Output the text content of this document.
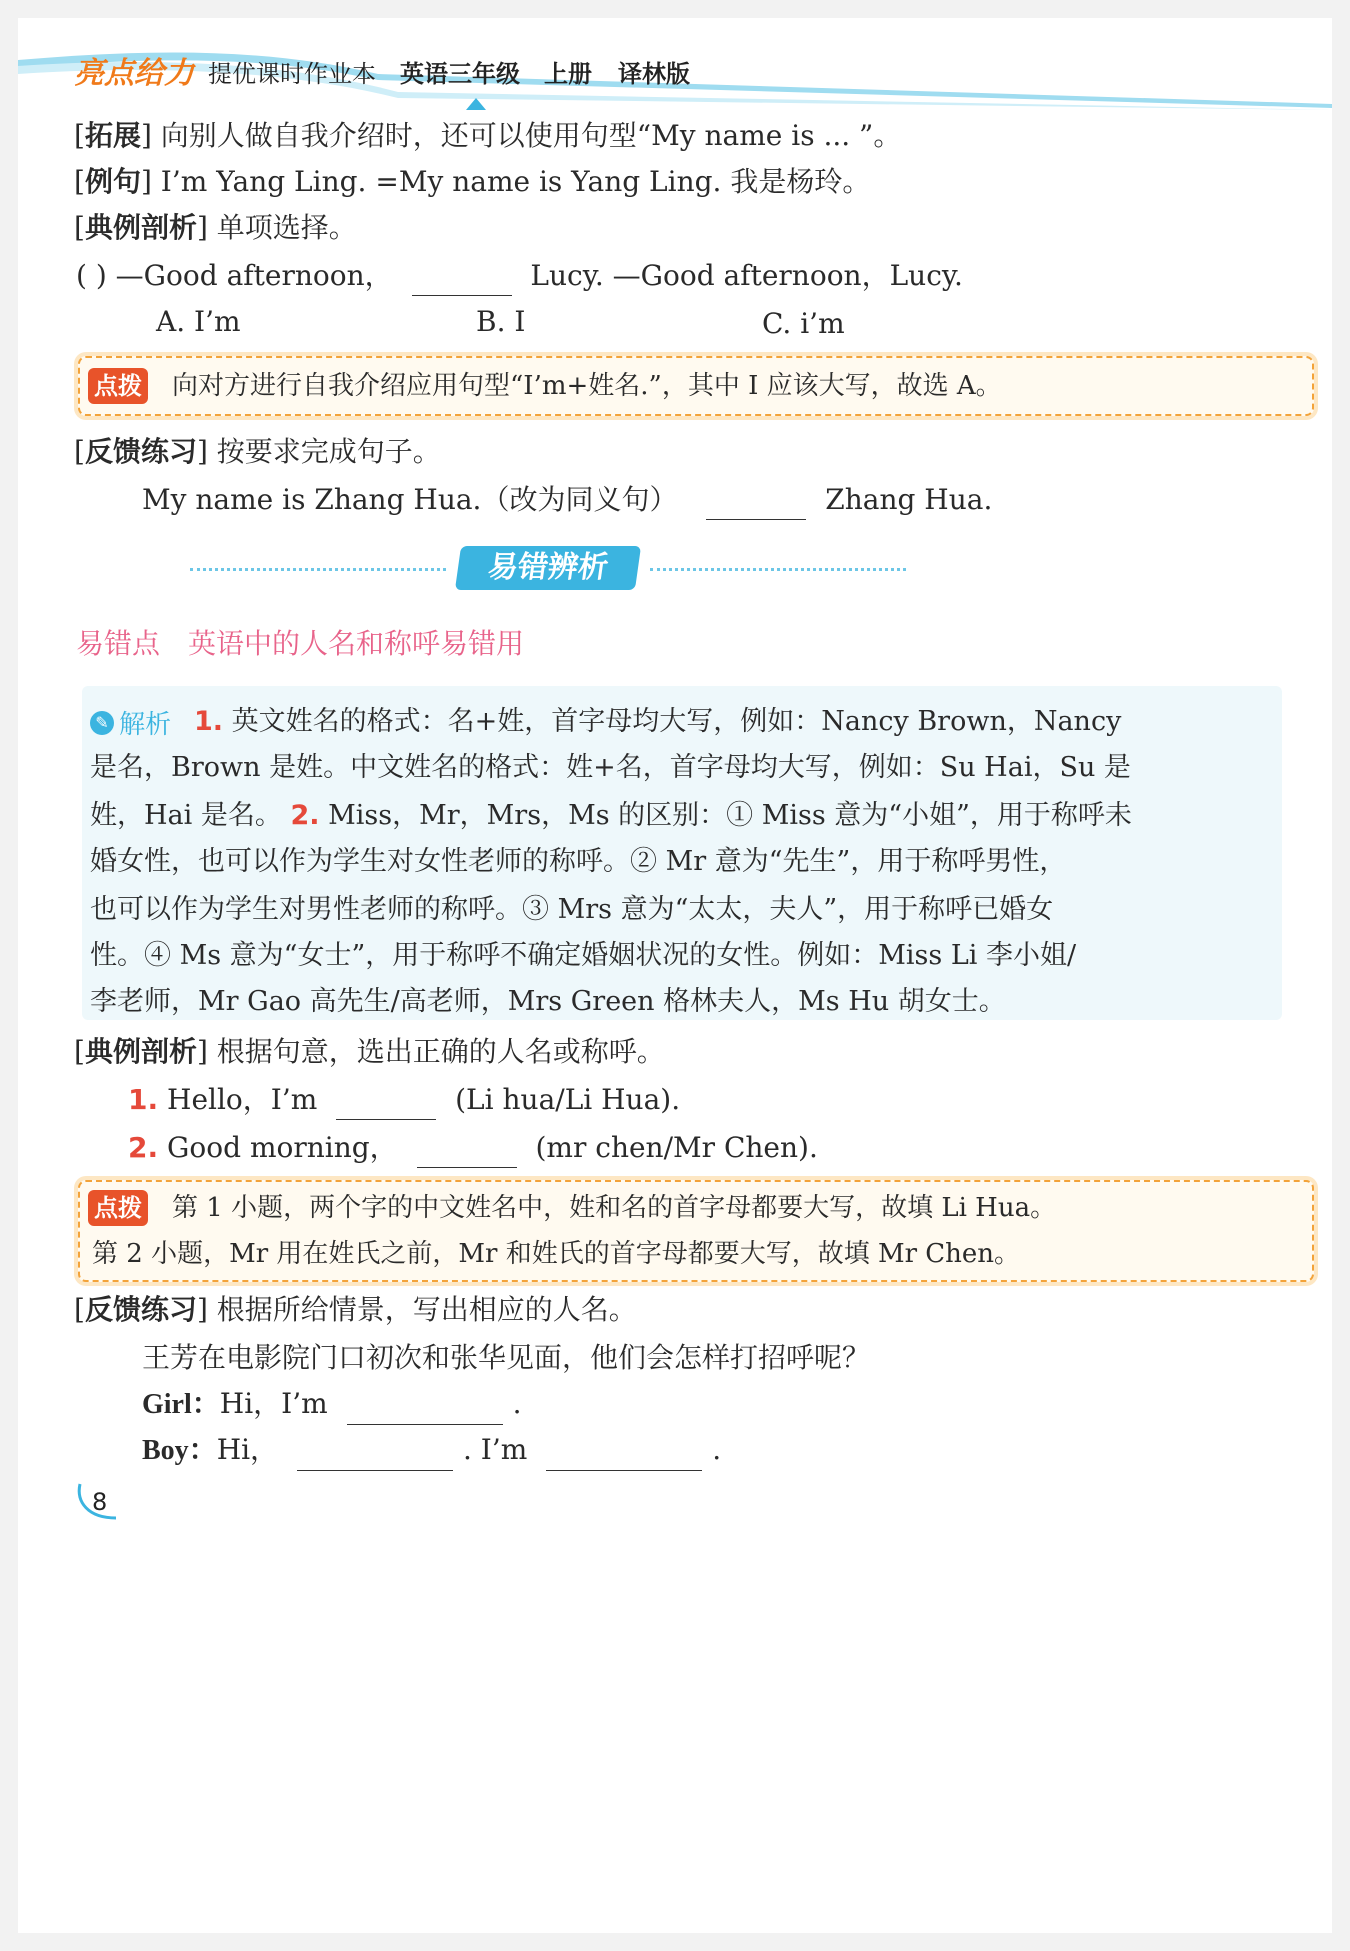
亮点给力 提优课时作业本 英语三年级 上册 译林版
[拓展] 向别人做自我介绍时，还可以使用句型“My name is ... ”。
[例句] I’m Yang Ling. =My name is Yang Ling. 我是杨玲。
[典例剖析] 单项选择。
( ) —Good afternoon，	Lucy. —Good afternoon，Lucy.
A. I’m	B. I	C. i’m
点拨 向对方进行自我介绍应用句型“I’m+姓名.”，其中 I 应该大写，故选 A。
[反馈练习] 按要求完成句子。
My name is Zhang Hua.（改为同义句）	Zhang Hua.
易错辨析
易错点 英语中的人名和称呼易错用
✎ 解析 1. 英文姓名的格式：名+姓，首字母均大写，例如：Nancy Brown，Nancy
是名，Brown 是姓。中文姓名的格式：姓+名，首字母均大写，例如：Su Hai，Su 是
姓，Hai 是名。 2. Miss，Mr，Mrs，Ms 的区别：① Miss 意为“小姐”，用于称呼未
婚女性，也可以作为学生对女性老师的称呼。② Mr 意为“先生”，用于称呼男性，
也可以作为学生对男性老师的称呼。③ Mrs 意为“太太，夫人”，用于称呼已婚女
性。④ Ms 意为“女士”，用于称呼不确定婚姻状况的女性。例如：Miss Li 李小姐/
李老师，Mr Gao 高先生/高老师，Mrs Green 格林夫人，Ms Hu 胡女士。
[典例剖析] 根据句意，选出正确的人名或称呼。
1. Hello，I’m	(Li hua/Li Hua).
2. Good morning，	(mr chen/Mr Chen).
点拨 第 1 小题，两个字的中文姓名中，姓和名的首字母都要大写，故填 Li Hua。
第 2 小题，Mr 用在姓氏之前，Mr 和姓氏的首字母都要大写，故填 Mr Chen。
[反馈练习] 根据所给情景，写出相应的人名。
王芳在电影院门口初次和张华见面，他们会怎样打招呼呢？
Girl：Hi，I’m	.
Boy：Hi，	. I’m	.
8
